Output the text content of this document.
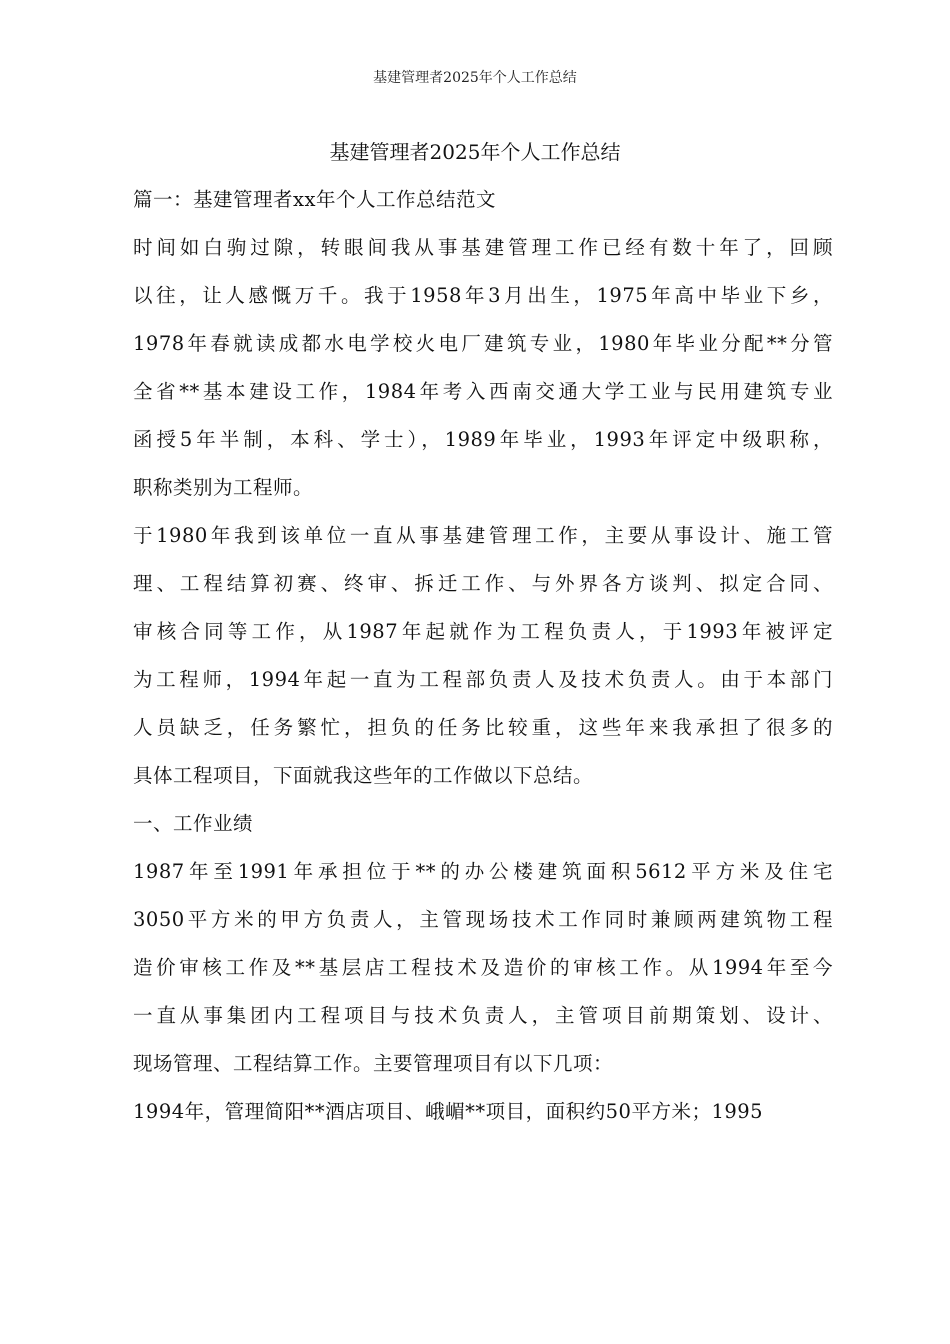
基建管理者2025年个人工作总结
基建管理者2025年个人工作总结
篇一：基建管理者xx年个人工作总结范文
时间如白驹过隙，转眼间我从事基建管理工作已经有数十年了，回顾
以往，让人感慨万千。我于1958年3月出生，1975年高中毕业下乡，
1978年春就读成都水电学校火电厂建筑专业，1980年毕业分配**分管
全省**基本建设工作，1984年考入西南交通大学工业与民用建筑专业
函授5年半制，本科、学士），1989年毕业，1993年评定中级职称，
职称类别为工程师。
于1980年我到该单位一直从事基建管理工作，主要从事设计、施工管
理、工程结算初赛、终审、拆迁工作、与外界各方谈判、拟定合同、
审核合同等工作，从1987年起就作为工程负责人，于1993年被评定
为工程师，1994年起一直为工程部负责人及技术负责人。由于本部门
人员缺乏，任务繁忙，担负的任务比较重，这些年来我承担了很多的
具体工程项目，下面就我这些年的工作做以下总结。
一、工作业绩
1987年至1991年承担位于**的办公楼建筑面积5612平方米及住宅
3050平方米的甲方负责人，主管现场技术工作同时兼顾两建筑物工程
造价审核工作及**基层店工程技术及造价的审核工作。从1994年至今
一直从事集团内工程项目与技术负责人，主管项目前期策划、设计、
现场管理、工程结算工作。主要管理项目有以下几项：
1994年，管理简阳**酒店项目、峨嵋**项目，面积约50平方米；1995
